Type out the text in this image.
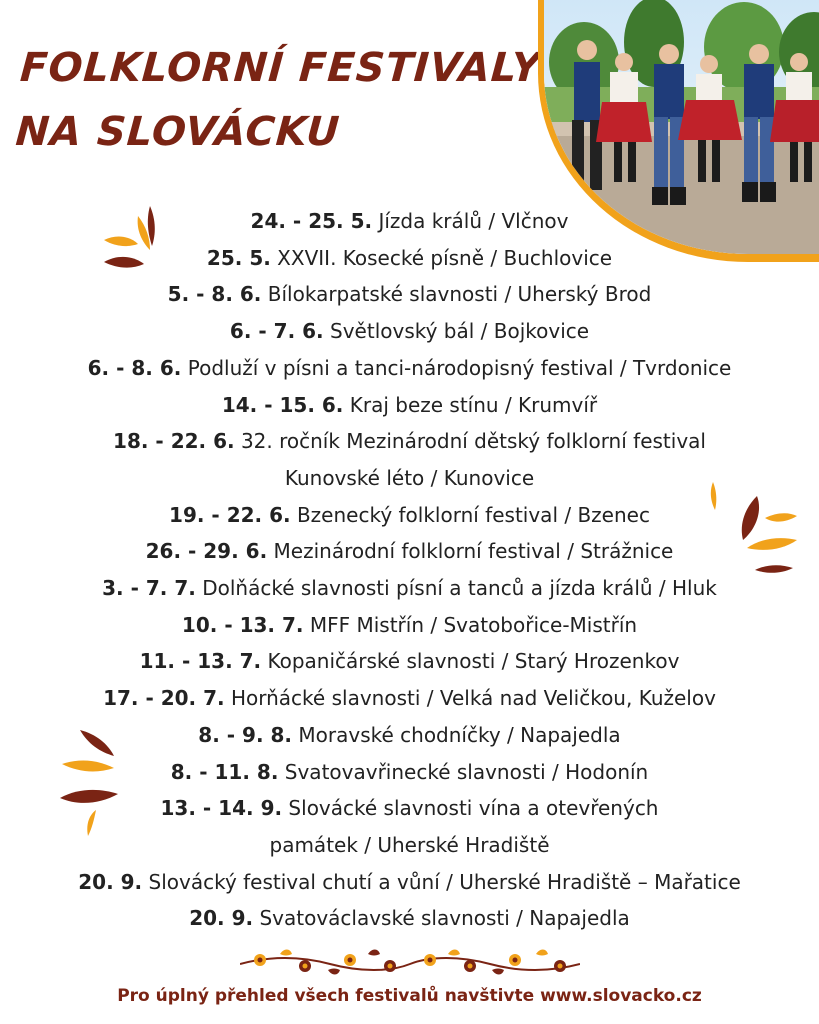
FOLKLORNÍ FESTIVALY
NA SLOVÁCKU
24. - 25. 5. Jízda králů / Vlčnov
25. 5. XXVII. Kosecké písně / Buchlovice
5. - 8. 6. Bílokarpatské slavnosti / Uherský Brod
6. - 7. 6. Světlovský bál / Bojkovice
6. - 8. 6. Podluží v písni a tanci-národopisný festival / Tvrdonice
14. - 15. 6. Kraj beze stínu / Krumvíř
18. - 22. 6. 32. ročník Mezinárodní dětský folklorní festival
Kunovské léto / Kunovice
19. - 22. 6. Bzenecký folklorní festival / Bzenec
26. - 29. 6. Mezinárodní folklorní festival / Strážnice
3. - 7. 7. Dolňácké slavnosti písní a tanců a jízda králů / Hluk
10. - 13. 7. MFF Mistřín / Svatobořice-Mistřín
11. - 13. 7. Kopaničárské slavnosti / Starý Hrozenkov
17. - 20. 7. Horňácké slavnosti / Velká nad Veličkou, Kuželov
8. - 9. 8. Moravské chodníčky / Napajedla
8. - 11. 8. Svatovavřinecké slavnosti / Hodonín
13. - 14. 9. Slovácké slavnosti vína a otevřených
památek / Uherské Hradiště
20. 9. Slovácký festival chutí a vůní / Uherské Hradiště – Mařatice
20. 9. Svatováclavské slavnosti / Napajedla
Pro úplný přehled všech festivalů navštivte www.slovacko.cz
